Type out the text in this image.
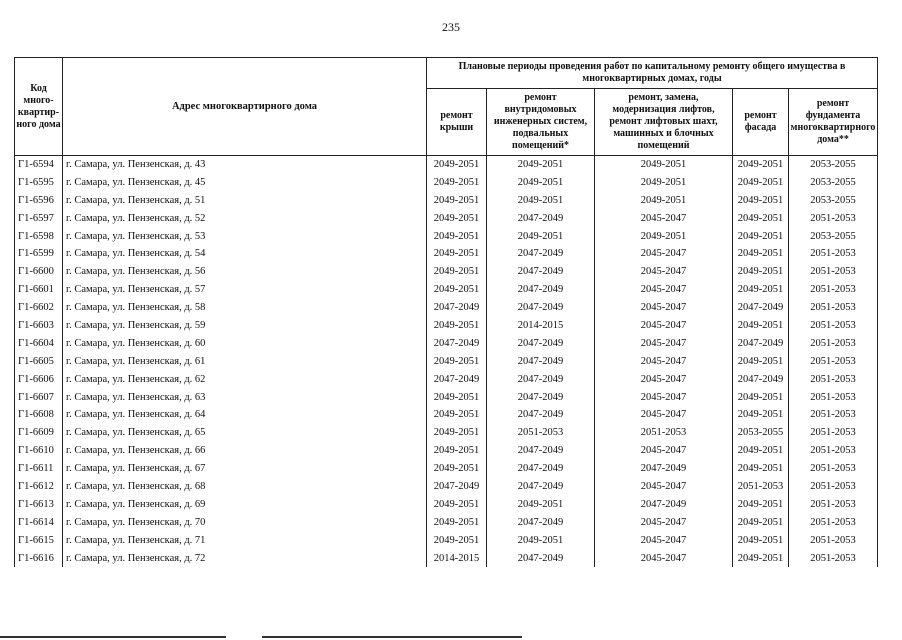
235
Код много-квартир-ного дома	Адрес многоквартирного дома	Плановые периоды проведения работ по капитальному ремонту общего имущества в многоквартирных домах, годы				
		ремонт крыши	ремонт внутридомовых инженерных систем, подвальных помещений*	ремонт, замена, модернизация лифтов, ремонт лифтовых шахт, машинных и блочных помещений	ремонт фасада	ремонт фундамента многоквартирного дома**
Г1-6594	г. Самара, ул. Пензенская, д. 43	2049-2051	2049-2051	2049-2051	2049-2051	2053-2055
Г1-6595	г. Самара, ул. Пензенская, д. 45	2049-2051	2049-2051	2049-2051	2049-2051	2053-2055
Г1-6596	г. Самара, ул. Пензенская, д. 51	2049-2051	2049-2051	2049-2051	2049-2051	2053-2055
Г1-6597	г. Самара, ул. Пензенская, д. 52	2049-2051	2047-2049	2045-2047	2049-2051	2051-2053
Г1-6598	г. Самара, ул. Пензенская, д. 53	2049-2051	2049-2051	2049-2051	2049-2051	2053-2055
Г1-6599	г. Самара, ул. Пензенская, д. 54	2049-2051	2047-2049	2045-2047	2049-2051	2051-2053
Г1-6600	г. Самара, ул. Пензенская, д. 56	2049-2051	2047-2049	2045-2047	2049-2051	2051-2053
Г1-6601	г. Самара, ул. Пензенская, д. 57	2049-2051	2047-2049	2045-2047	2049-2051	2051-2053
Г1-6602	г. Самара, ул. Пензенская, д. 58	2047-2049	2047-2049	2045-2047	2047-2049	2051-2053
Г1-6603	г. Самара, ул. Пензенская, д. 59	2049-2051	2014-2015	2045-2047	2049-2051	2051-2053
Г1-6604	г. Самара, ул. Пензенская, д. 60	2047-2049	2047-2049	2045-2047	2047-2049	2051-2053
Г1-6605	г. Самара, ул. Пензенская, д. 61	2049-2051	2047-2049	2045-2047	2049-2051	2051-2053
Г1-6606	г. Самара, ул. Пензенская, д. 62	2047-2049	2047-2049	2045-2047	2047-2049	2051-2053
Г1-6607	г. Самара, ул. Пензенская, д. 63	2049-2051	2047-2049	2045-2047	2049-2051	2051-2053
Г1-6608	г. Самара, ул. Пензенская, д. 64	2049-2051	2047-2049	2045-2047	2049-2051	2051-2053
Г1-6609	г. Самара, ул. Пензенская, д. 65	2049-2051	2051-2053	2051-2053	2053-2055	2051-2053
Г1-6610	г. Самара, ул. Пензенская, д. 66	2049-2051	2047-2049	2045-2047	2049-2051	2051-2053
Г1-6611	г. Самара, ул. Пензенская, д. 67	2049-2051	2047-2049	2047-2049	2049-2051	2051-2053
Г1-6612	г. Самара, ул. Пензенская, д. 68	2047-2049	2047-2049	2045-2047	2051-2053	2051-2053
Г1-6613	г. Самара, ул. Пензенская, д. 69	2049-2051	2049-2051	2047-2049	2049-2051	2051-2053
Г1-6614	г. Самара, ул. Пензенская, д. 70	2049-2051	2047-2049	2045-2047	2049-2051	2051-2053
Г1-6615	г. Самара, ул. Пензенская, д. 71	2049-2051	2049-2051	2045-2047	2049-2051	2051-2053
Г1-6616	г. Самара, ул. Пензенская, д. 72	2014-2015	2047-2049	2045-2047	2049-2051	2051-2053
